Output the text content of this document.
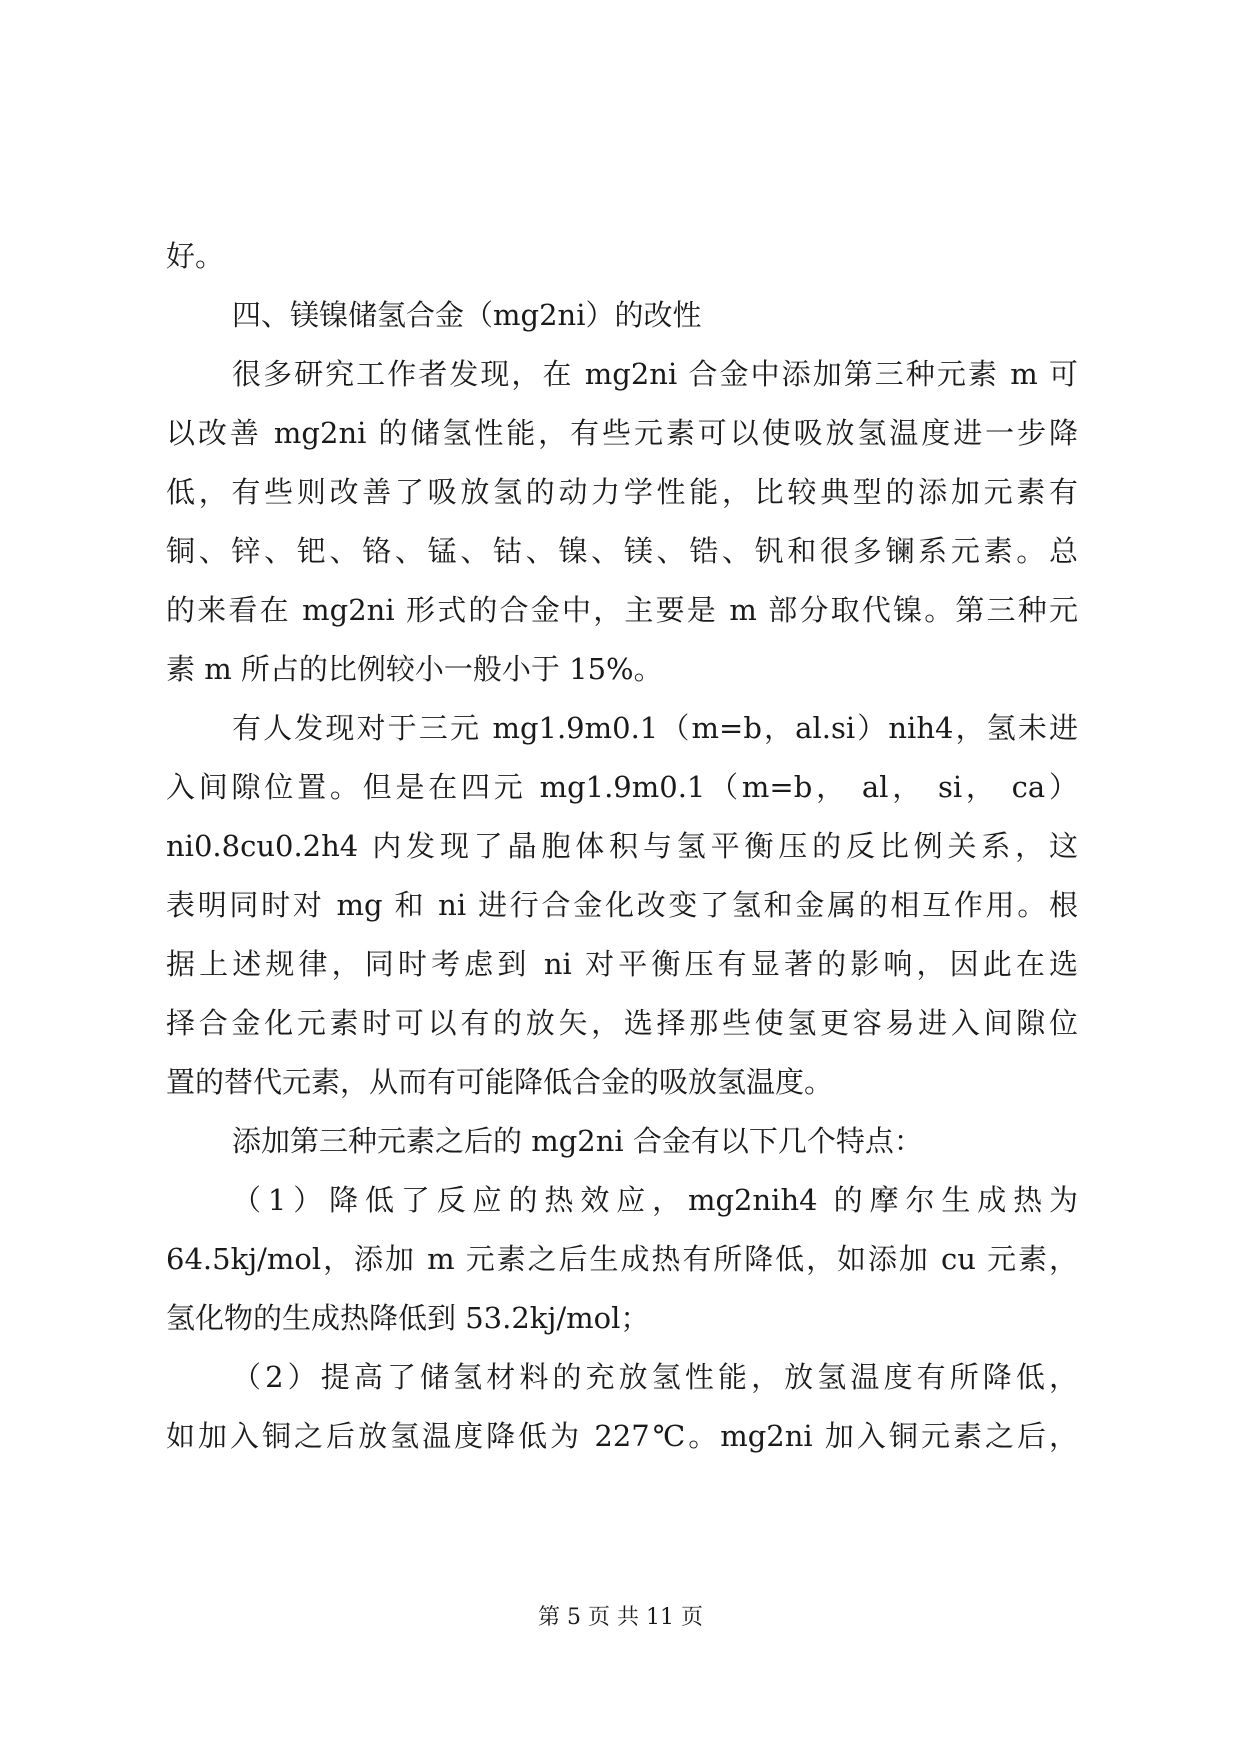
好。
四、镁镍储氢合金（mg2ni）的改性
很多研究工作者发现，在 mg2ni 合金中添加第三种元素 m 可
以改善 mg2ni 的储氢性能，有些元素可以使吸放氢温度进一步降
低，有些则改善了吸放氢的动力学性能，比较典型的添加元素有
铜、锌、钯、铬、锰、钴、镍、镁、锆、钒和很多镧系元素。总
的来看在 mg2ni 形式的合金中，主要是 m 部分取代镍。第三种元
素 m 所占的比例较小一般小于 15%。
有人发现对于三元 mg1.9m0.1（m=b，al.si）nih4，氢未进
入间隙位置。但是在四元 mg1.9m0.1（m=b， al， si， ca）
ni0.8cu0.2h4 内发现了晶胞体积与氢平衡压的反比例关系，这
表明同时对 mg 和 ni 进行合金化改变了氢和金属的相互作用。根
据上述规律，同时考虑到 ni 对平衡压有显著的影响，因此在选
择合金化元素时可以有的放矢，选择那些使氢更容易进入间隙位
置的替代元素，从而有可能降低合金的吸放氢温度。
添加第三种元素之后的 mg2ni 合金有以下几个特点：
（1）降低了反应的热效应，mg2nih4 的摩尔生成热为
64.5kj/mol，添加 m 元素之后生成热有所降低，如添加 cu 元素，
氢化物的生成热降低到 53.2kj/mol；
（2）提高了储氢材料的充放氢性能，放氢温度有所降低，
如加入铜之后放氢温度降低为 227℃。mg2ni 加入铜元素之后，
第 5 页 共 11 页
